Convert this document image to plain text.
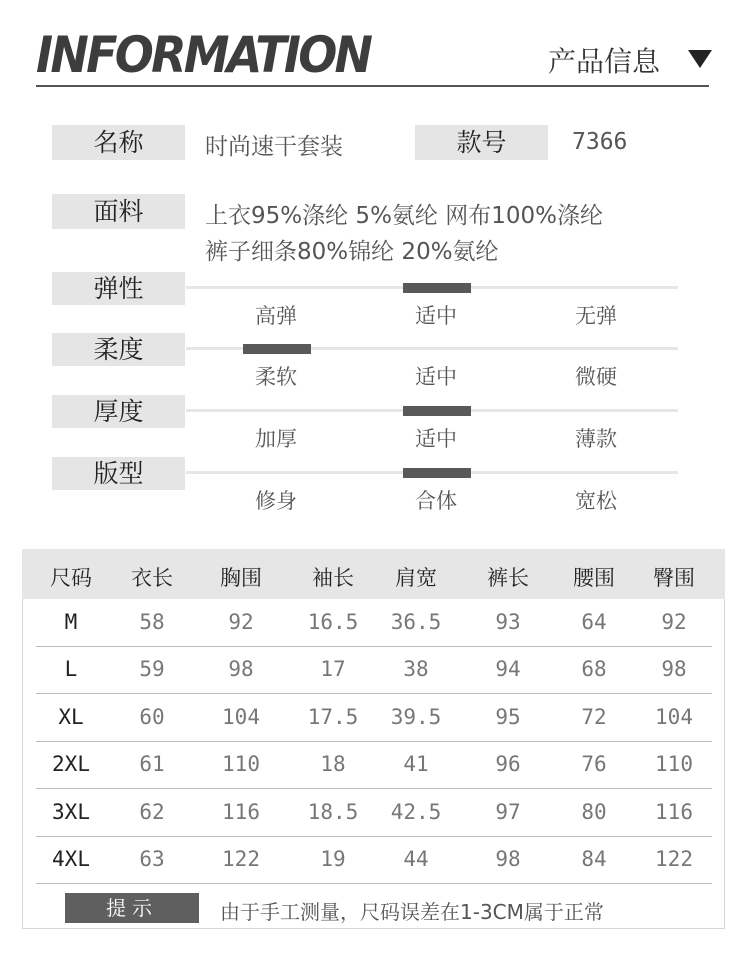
INFORMATION	产品信息
名称	时尚速干套装	款号	7366
面料	上衣95%涤纶 5%氨纶 网布100%涤纶
裤子细条80%锦纶 20%氨纶
弹性
高弹	适中	无弹
柔度
柔软	适中	微硬
厚度
加厚	适中	薄款
版型
修身	合体	宽松
尺码	衣长	胸围	袖长	肩宽	裤长	腰围	臀围
M	58	92	16.5	36.5	93	64	92
L	59	98	17	38	94	68	98
XL	60	104	17.5	39.5	95	72	104
2XL	61	110	18	41	96	76	110
3XL	62	116	18.5	42.5	97	80	116
4XL	63	122	19	44	98	84	122
提示	由于手工测量，尺码误差在1-3CM属于正常
